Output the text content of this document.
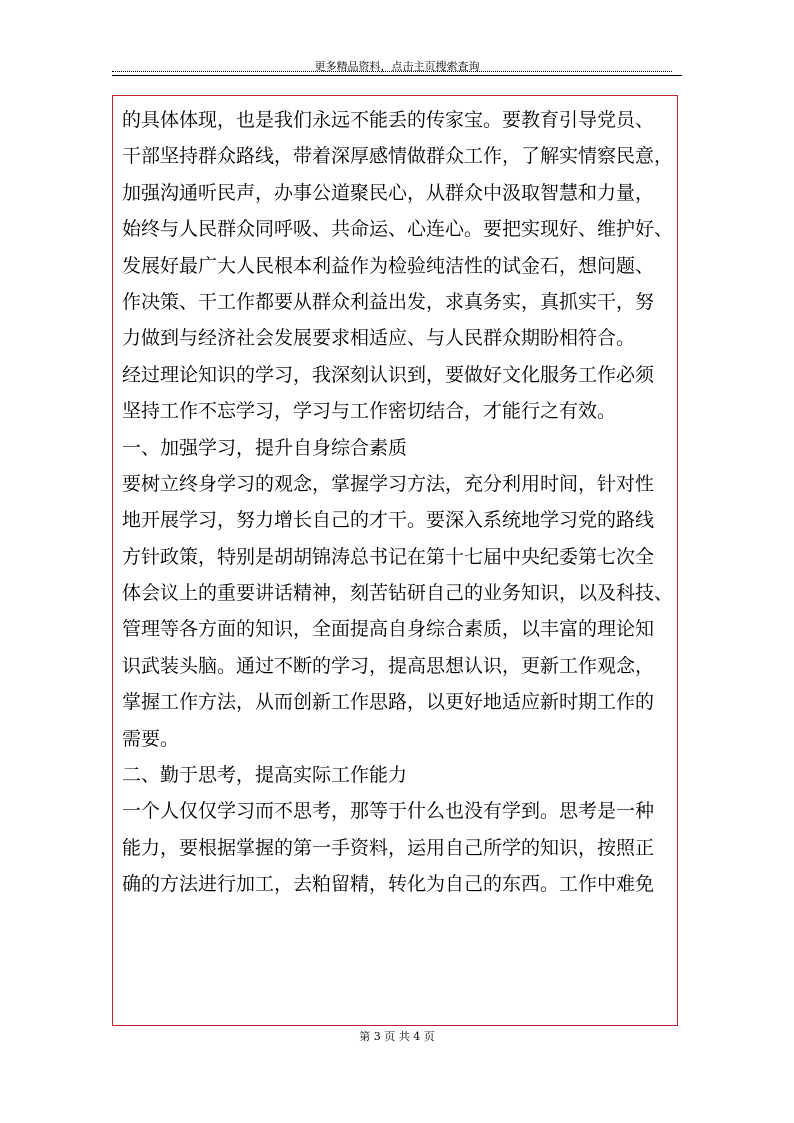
更多精品资料，点击主页搜索查询
的具体体现，也是我们永远不能丢的传家宝。要教育引导党员、
干部坚持群众路线，带着深厚感情做群众工作，了解实情察民意，
加强沟通听民声，办事公道聚民心，从群众中汲取智慧和力量，
始终与人民群众同呼吸、共命运、心连心。要把实现好、维护好、
发展好最广大人民根本利益作为检验纯洁性的试金石，想问题、
作决策、干工作都要从群众利益出发，求真务实，真抓实干，努
力做到与经济社会发展要求相适应、与人民群众期盼相符合。
经过理论知识的学习，我深刻认识到，要做好文化服务工作必须
坚持工作不忘学习，学习与工作密切结合，才能行之有效。
一、加强学习，提升自身综合素质
要树立终身学习的观念，掌握学习方法，充分利用时间，针对性
地开展学习，努力增长自己的才干。要深入系统地学习党的路线
方针政策，特别是胡胡锦涛总书记在第十七届中央纪委第七次全
体会议上的重要讲话精神，刻苦钻研自己的业务知识，以及科技、
管理等各方面的知识，全面提高自身综合素质，以丰富的理论知
识武装头脑。通过不断的学习，提高思想认识，更新工作观念，
掌握工作方法，从而创新工作思路，以更好地适应新时期工作的
需要。
二、勤于思考，提高实际工作能力
一个人仅仅学习而不思考，那等于什么也没有学到。思考是一种
能力，要根据掌握的第一手资料，运用自己所学的知识，按照正
确的方法进行加工，去粕留精，转化为自己的东西。工作中难免
第 3 页 共 4 页
